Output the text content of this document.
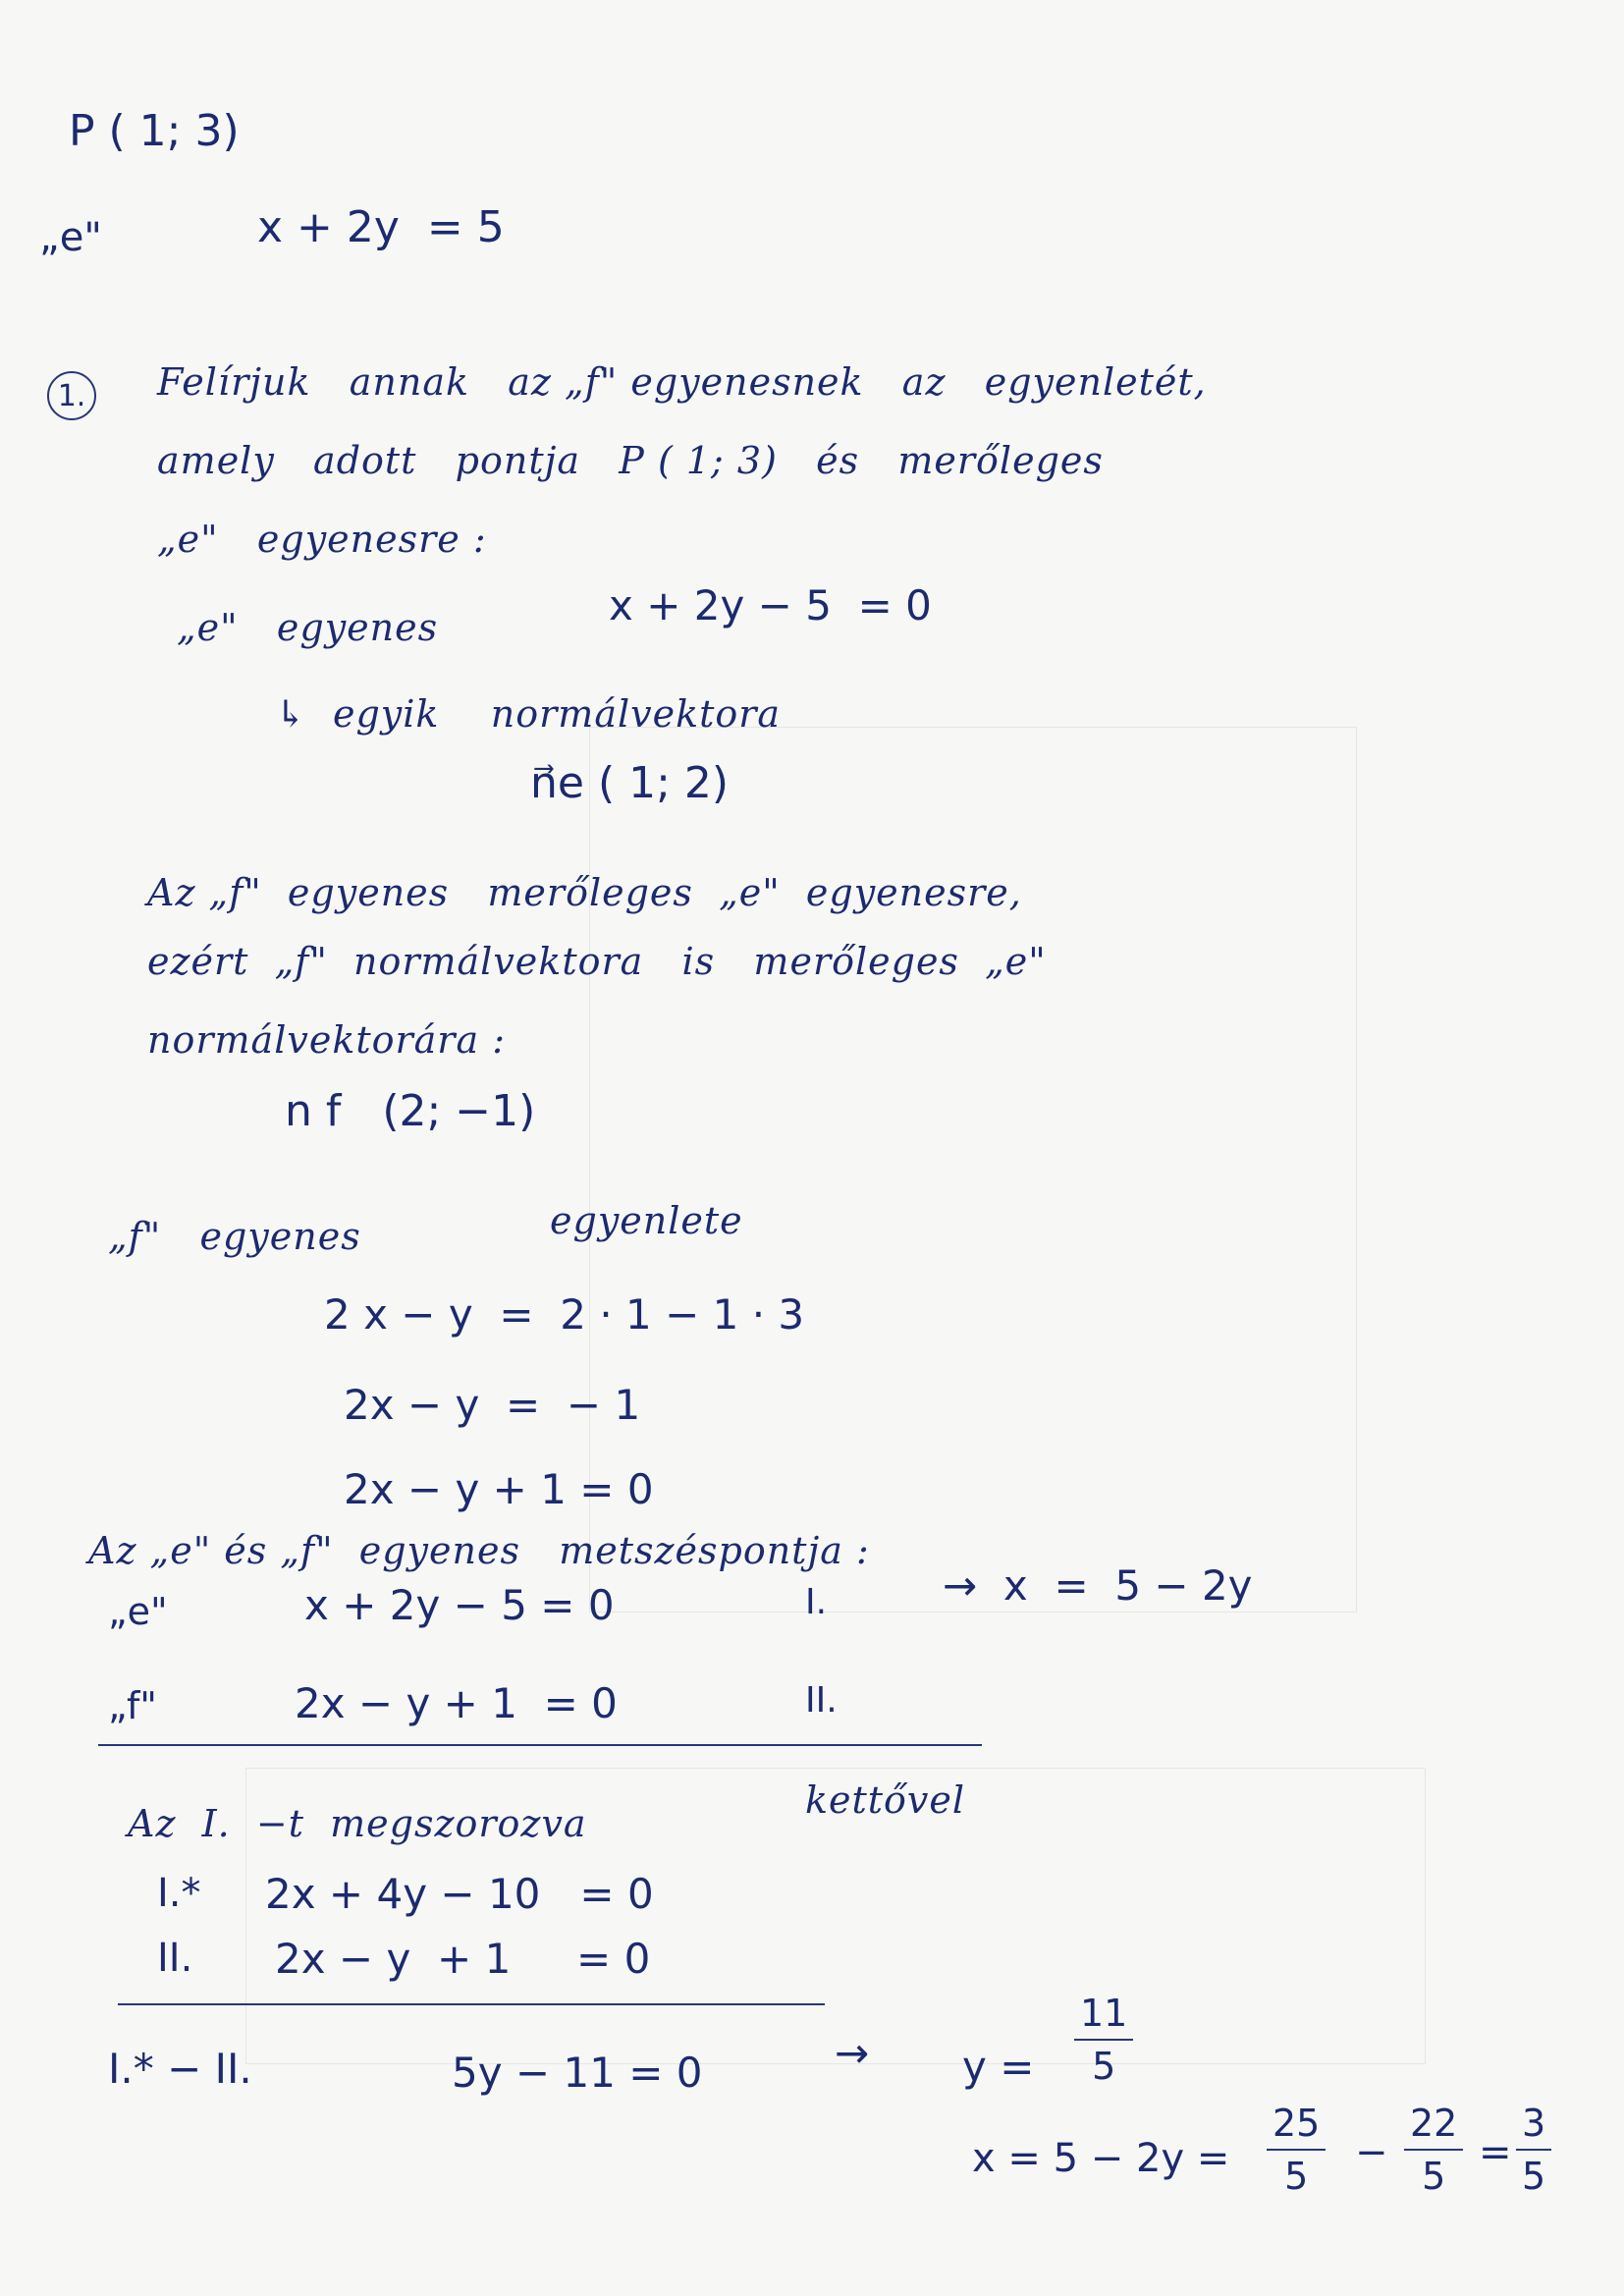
P ( 1; 3)
„e"	x + 2y  = 5
1. Felírjuk   annak   az „f" egyenesnek   az   egyenletét,
amely   adott   pontja   P ( 1; 3)   és   merőleges
„e"   egyenesre :
„e"   egyenes	x + 2y − 5  = 0
↳  egyik    normálvektora
n⃗e ( 1; 2)
Az „f"  egyenes   merőleges  „e"  egyenesre,
ezért  „f"  normálvektora   is   merőleges  „e"
normálvektorára :
n f   (2; −1)
„f"   egyenes	egyenlete
2 x − y  =  2 · 1 − 1 · 3
2x − y  =  − 1
2x − y + 1 = 0
Az „e" és „f"  egyenes   metszéspontja :
„e"	x + 2y − 5 = 0	I.	→  x  =  5 − 2y
„f"	2x − y + 1  = 0	II.
Az  I.  −t  megszorozva
kettővel
I.* 2x + 4y − 10   = 0
II. 2x − y  + 1     = 0
I.* − II.	5y − 11 = 0	→ $y = \frac{11}{5}$
$x = 5 - 2y = \frac{25}{5} - \frac{22}{5} = \frac{3}{5}$
